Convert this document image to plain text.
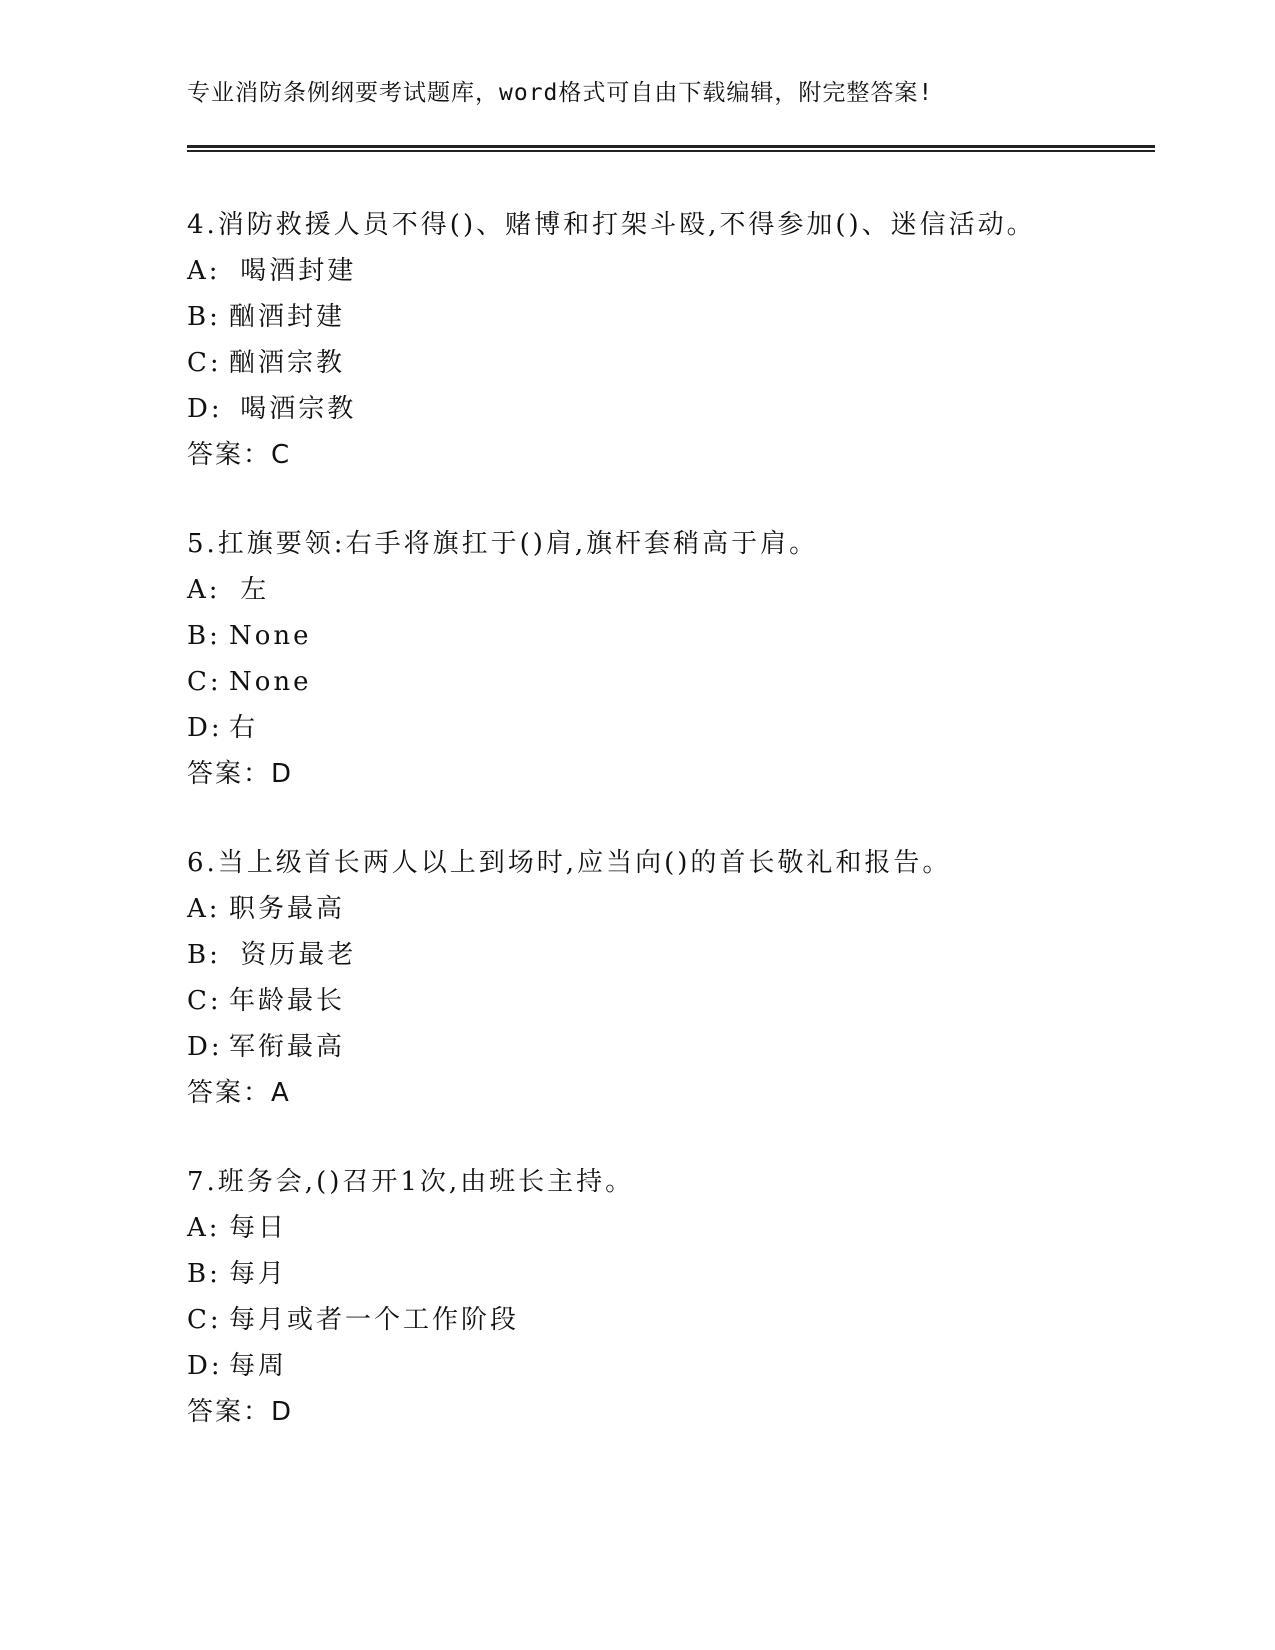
专业消防条例纲要考试题库，word格式可自由下载编辑，附完整答案!
4.消防救援人员不得()、赌博和打架斗殴,不得参加()、迷信活动。
A: 喝酒封建
B: 酗酒封建
C: 酗酒宗教
D: 喝酒宗教
答案：C
5.扛旗要领:右手将旗扛于()肩,旗杆套稍高于肩。
A: 左
B: None
C: None
D: 右
答案：D
6.当上级首长两人以上到场时,应当向()的首长敬礼和报告。
A: 职务最高
B: 资历最老
C: 年龄最长
D: 军衔最高
答案：A
7.班务会,()召开1次,由班长主持。
A: 每日
B: 每月
C: 每月或者一个工作阶段
D: 每周
答案：D
